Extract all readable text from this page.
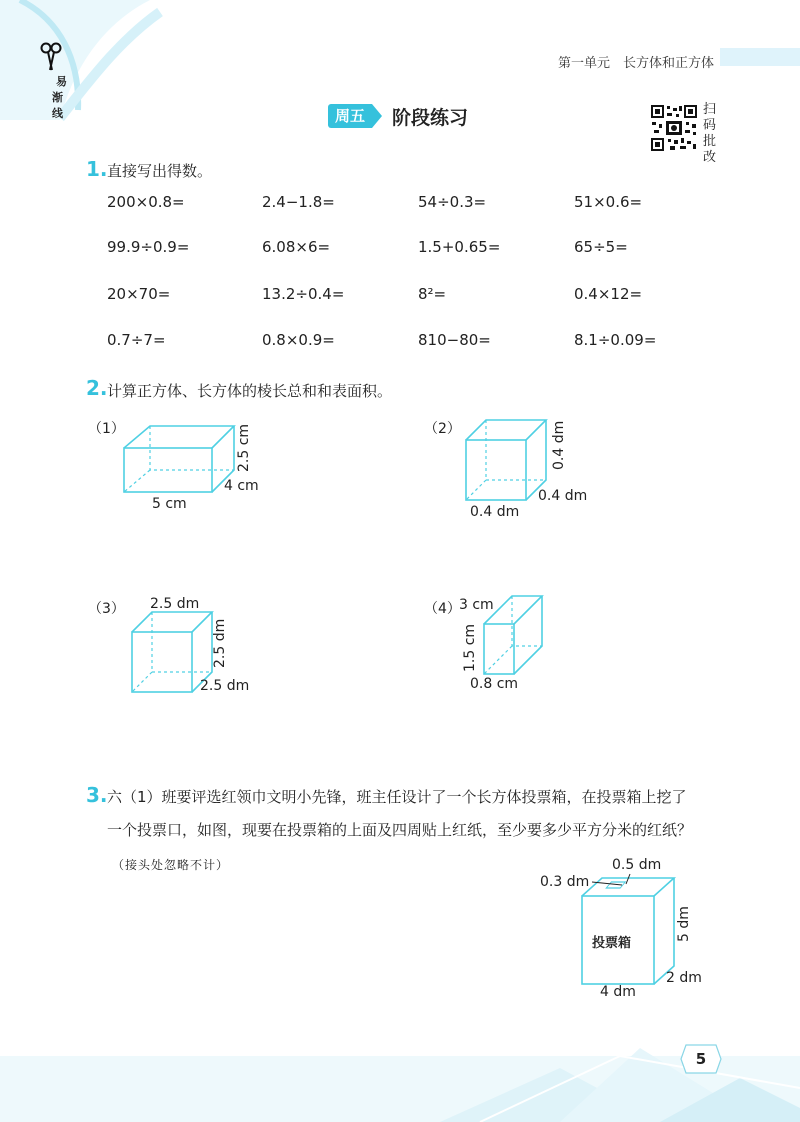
易
渐
线
第一单元　长方体和正方体
周五	阶段练习	扫码批改
1. 直接写出得数。
200×0.8=	2.4−1.8=	54÷0.3=	51×0.6=
99.9÷0.9=	6.08×6=	1.5+0.65=	65÷5=
20×70=	13.2÷0.4=	8²=	0.4×12=
0.7÷7=	0.8×0.9=	810−80=	8.1÷0.09=
2. 计算正方体、长方体的棱长总和和表面积。
（1）
5 cm
4 cm
2.5 cm	（2）
0.4 dm
0.4 dm
0.4 dm
（3） 2.5 dm
2.5 dm
2.5 dm
（4）
3 cm
0.8 cm
1.5 cm
3. 六（1）班要评选红领巾文明小先锋，班主任设计了一个长方体投票箱，在投票箱上挖了
一个投票口，如图，现要在投票箱的上面及四周贴上红纸，至少要多少平方分米的红纸？
（接头处忽略不计）
投票箱
0.5 dm
0.3 dm
5 dm
2 dm
4 dm
5
